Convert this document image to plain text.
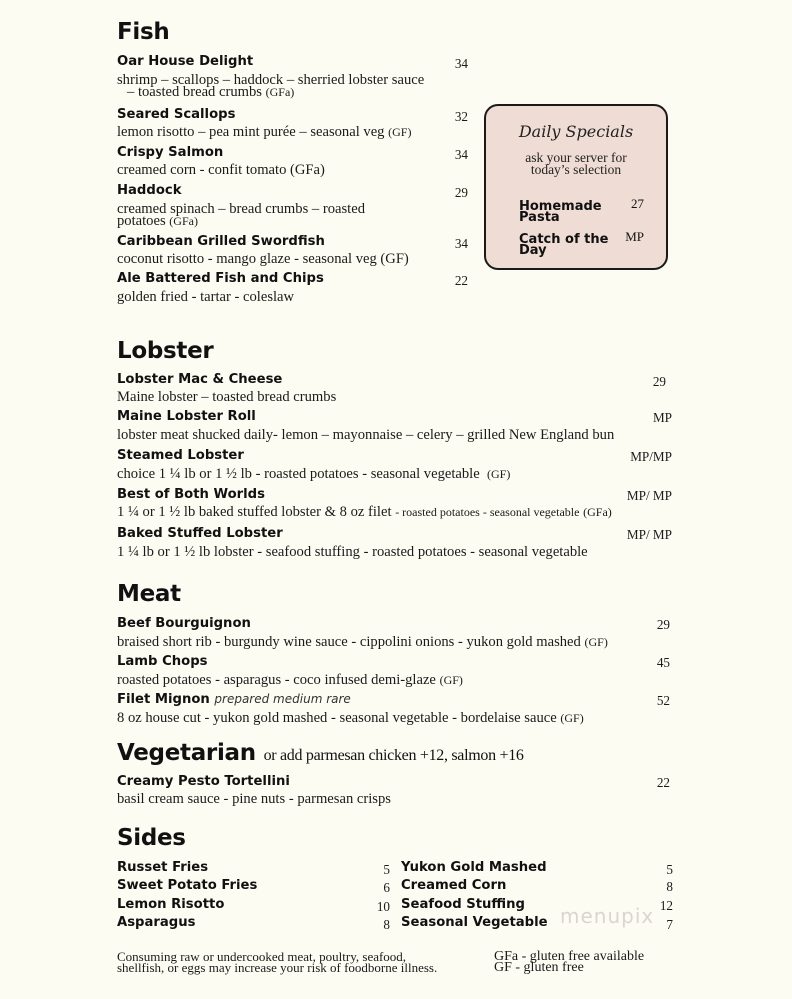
Fish
Oar House Delight	34
shrimp – scallops – haddock – sherried lobster sauce
– toasted bread crumbs (GFa)
Seared Scallops	32
lemon risotto – pea mint purée – seasonal veg (GF)
Crispy Salmon	34
creamed corn - confit tomato (GFa)
Haddock	29
creamed spinach – bread crumbs – roasted
potatoes (GFa)
Caribbean Grilled Swordfish	34
coconut risotto - mango glaze - seasonal veg (GF)
Ale Battered Fish and Chips	22
golden fried - tartar - coleslaw
Daily Specials
ask your server for
today’s selection
Homemade
Pasta
27
Catch of the
Day
MP
Lobster
Lobster Mac & Cheese	29
Maine lobster – toasted bread crumbs
Maine Lobster Roll	MP
lobster meat shucked daily- lemon – mayonnaise – celery – grilled New England bun
Steamed Lobster	MP/MP
choice 1 ¼ lb or 1 ½ lb - roasted potatoes - seasonal vegetable (GF)
Best of Both Worlds	MP/ MP
1 ¼ or 1 ½ lb baked stuffed lobster & 8 oz filet - roasted potatoes - seasonal vegetable (GFa)
Baked Stuffed Lobster	MP/ MP
1 ¼ lb or 1 ½ lb lobster - seafood stuffing - roasted potatoes - seasonal vegetable
Meat
Beef Bourguignon	29
braised short rib - burgundy wine sauce - cippolini onions - yukon gold mashed (GF)
Lamb Chops	45
roasted potatoes - asparagus - coco infused demi-glaze (GF)
Filet Mignon prepared medium rare	52
8 oz house cut - yukon gold mashed - seasonal vegetable - bordelaise sauce (GF)
Vegetarian or add parmesan chicken +12, salmon +16
Creamy Pesto Tortellini	22
basil cream sauce - pine nuts - parmesan crisps
Sides
Russet Fries	5
Sweet Potato Fries	6
Lemon Risotto	10
Asparagus	8
Yukon Gold Mashed	5
Creamed Corn	8
Seafood Stuffing	12
Seasonal Vegetable	7
menupix
Consuming raw or undercooked meat, poultry, seafood,
shellfish, or eggs may increase your risk of foodborne illness.
GFa - gluten free available
GF - gluten free
